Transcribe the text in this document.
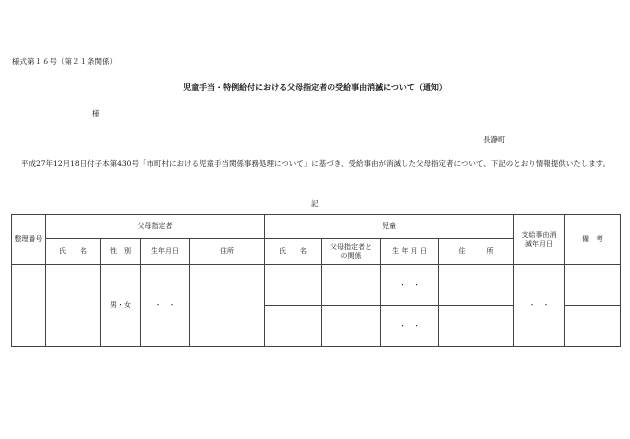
様式第１６号（第２１条関係）
児童手当・特例給付における父母指定者の受給事由消滅について（通知）
様
長瀞町
平成27年12月18日付子本第430号「市町村における児童手当関係事務処理について」に基づき、受給事由が消滅した父母指定者について、下記のとおり情報提供いたします。
記
整理番号	父母指定者				児童				支給事由消滅年月日	備　考
	氏　　名	性　別	生年月日	住所	氏　　名	父母指定者との関係	生 年 月 日	住　　　所		
		男・女	・　・				・　・		・　・	
							・　・			
